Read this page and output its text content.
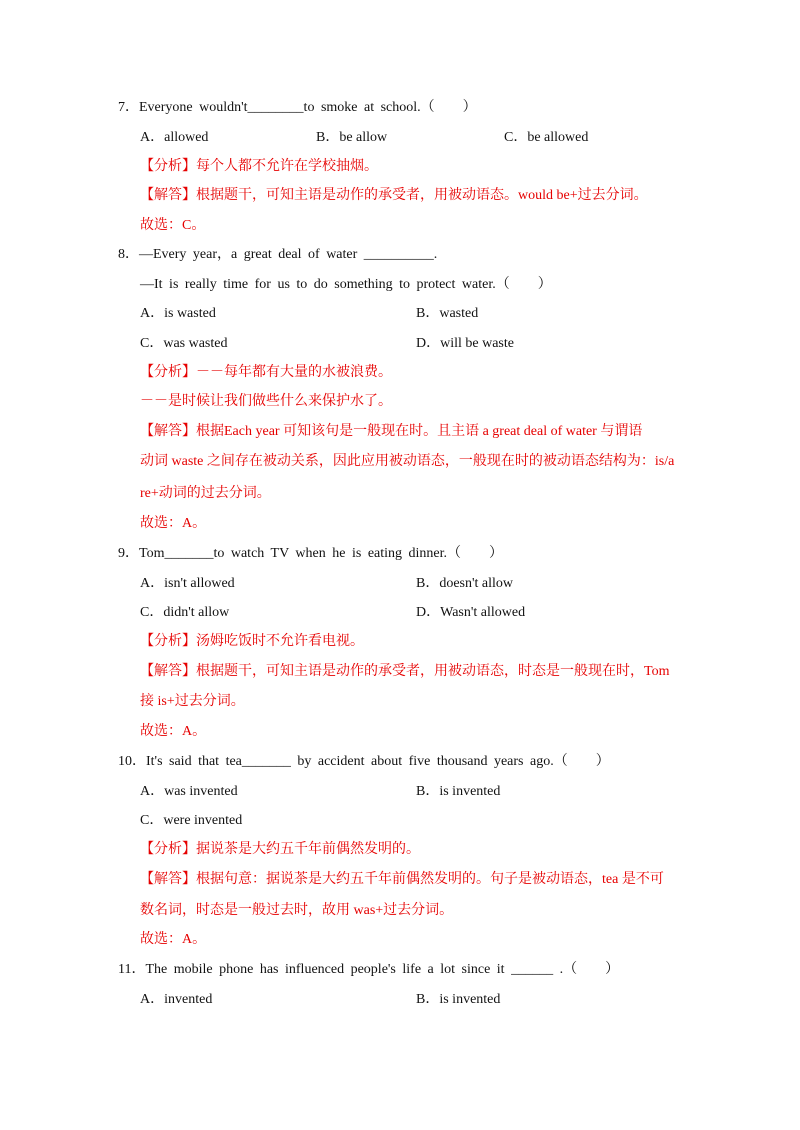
7．Everyone wouldn't________to smoke at school.（　　）
A．allowed	B．be allow	C．be allowed
【分析】每个人都不允许在学校抽烟。
【解答】根据题干，可知主语是动作的承受者，用被动语态。would be+过去分词。
故选：C。
8．—Every year，a great deal of water __________.
—It is really time for us to do something to protect water.（　　）
A．is wasted	B．wasted
C．was wasted	D．will be waste
【分析】－－每年都有大量的水被浪费。
－－是时候让我们做些什么来保护水了。
【解答】根据Each year 可知该句是一般现在时。且主语 a great deal of water 与谓语
动词 waste 之间存在被动关系，因此应用被动语态，一般现在时的被动语态结构为：is/a
re+动词的过去分词。
故选：A。
9．Tom_______to watch TV when he is eating dinner.（　　）
A．isn't allowed	B．doesn't allow
C．didn't allow	D．Wasn't allowed
【分析】汤姆吃饭时不允许看电视。
【解答】根据题干，可知主语是动作的承受者，用被动语态，时态是一般现在时，Tom
接 is+过去分词。
故选：A。
10．It's said that tea_______ by accident about five thousand years ago.（　　）
A．was invented	B．is invented
C．were invented
【分析】据说茶是大约五千年前偶然发明的。
【解答】根据句意：据说茶是大约五千年前偶然发明的。句子是被动语态，tea 是不可
数名词，时态是一般过去时，故用 was+过去分词。
故选：A。
11．The mobile phone has influenced people's life a lot since it ______ .（　　）
A．invented	B．is invented
